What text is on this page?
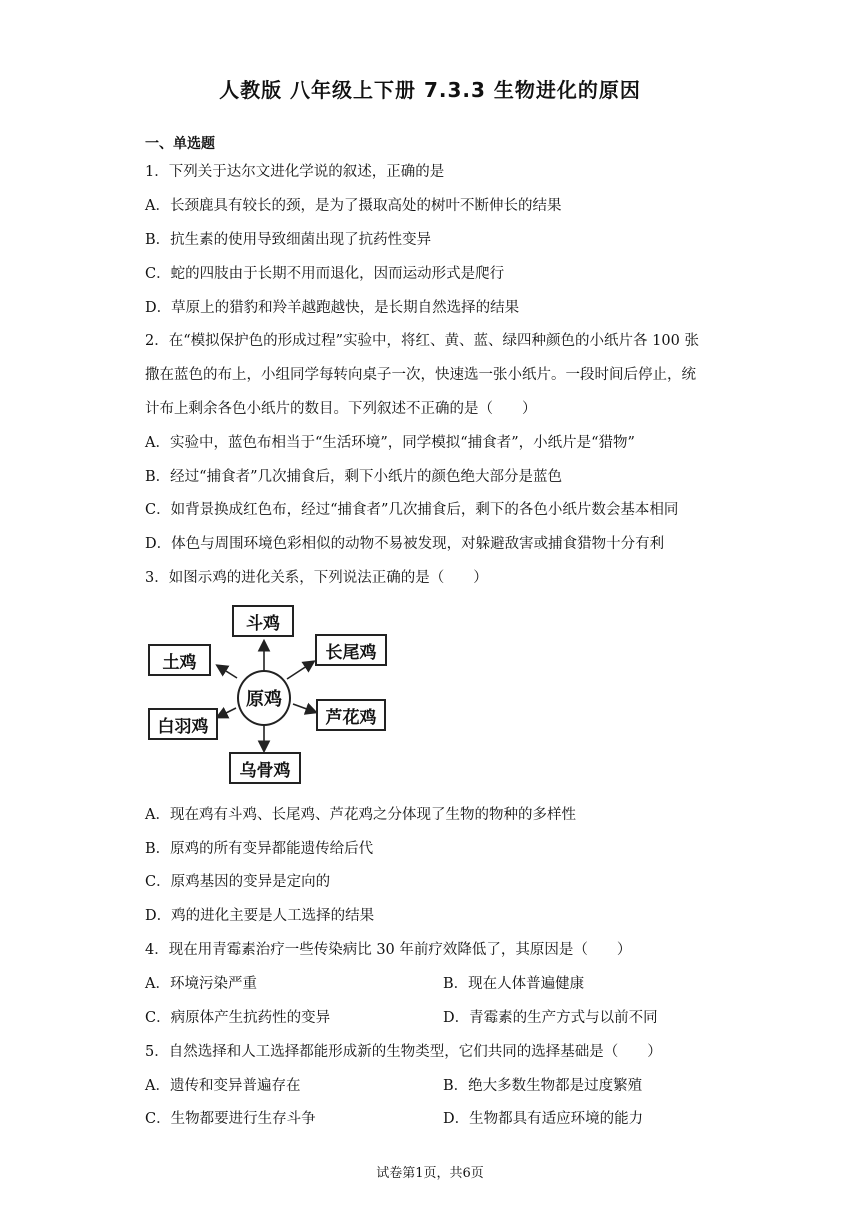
人教版 八年级上下册 7.3.3 生物进化的原因
一、单选题
1．下列关于达尔文进化学说的叙述，正确的是
A．长颈鹿具有较长的颈，是为了摄取高处的树叶不断伸长的结果
B．抗生素的使用导致细菌出现了抗药性变异
C．蛇的四肢由于长期不用而退化，因而运动形式是爬行
D．草原上的猎豹和羚羊越跑越快，是长期自然选择的结果
2．在“模拟保护色的形成过程”实验中，将红、黄、蓝、绿四种颜色的小纸片各 100 张
撒在蓝色的布上，小组同学每转向桌子一次，快速选一张小纸片。一段时间后停止，统
计布上剩余各色小纸片的数目。下列叙述不正确的是（　　）
A．实验中，蓝色布相当于“生活环境”，同学模拟“捕食者”，小纸片是“猎物”
B．经过“捕食者”几次捕食后，剩下小纸片的颜色绝大部分是蓝色
C．如背景换成红色布，经过“捕食者”几次捕食后，剩下的各色小纸片数会基本相同
D．体色与周围环境色彩相似的动物不易被发现，对躲避敌害或捕食猎物十分有利
3．如图示鸡的进化关系，下列说法正确的是（　　）
原鸡
斗鸡
长尾鸡
芦花鸡
乌骨鸡
白羽鸡
土鸡
A．现在鸡有斗鸡、长尾鸡、芦花鸡之分体现了生物的物种的多样性
B．原鸡的所有变异都能遗传给后代
C．原鸡基因的变异是定向的
D．鸡的进化主要是人工选择的结果
4．现在用青霉素治疗一些传染病比 30 年前疗效降低了，其原因是（　　）
A．环境污染严重	B．现在人体普遍健康
C．病原体产生抗药性的变异	D．青霉素的生产方式与以前不同
5．自然选择和人工选择都能形成新的生物类型，它们共同的选择基础是（　　）
A．遗传和变异普遍存在	B．绝大多数生物都是过度繁殖
C．生物都要进行生存斗争	D．生物都具有适应环境的能力
试卷第1页，共6页
